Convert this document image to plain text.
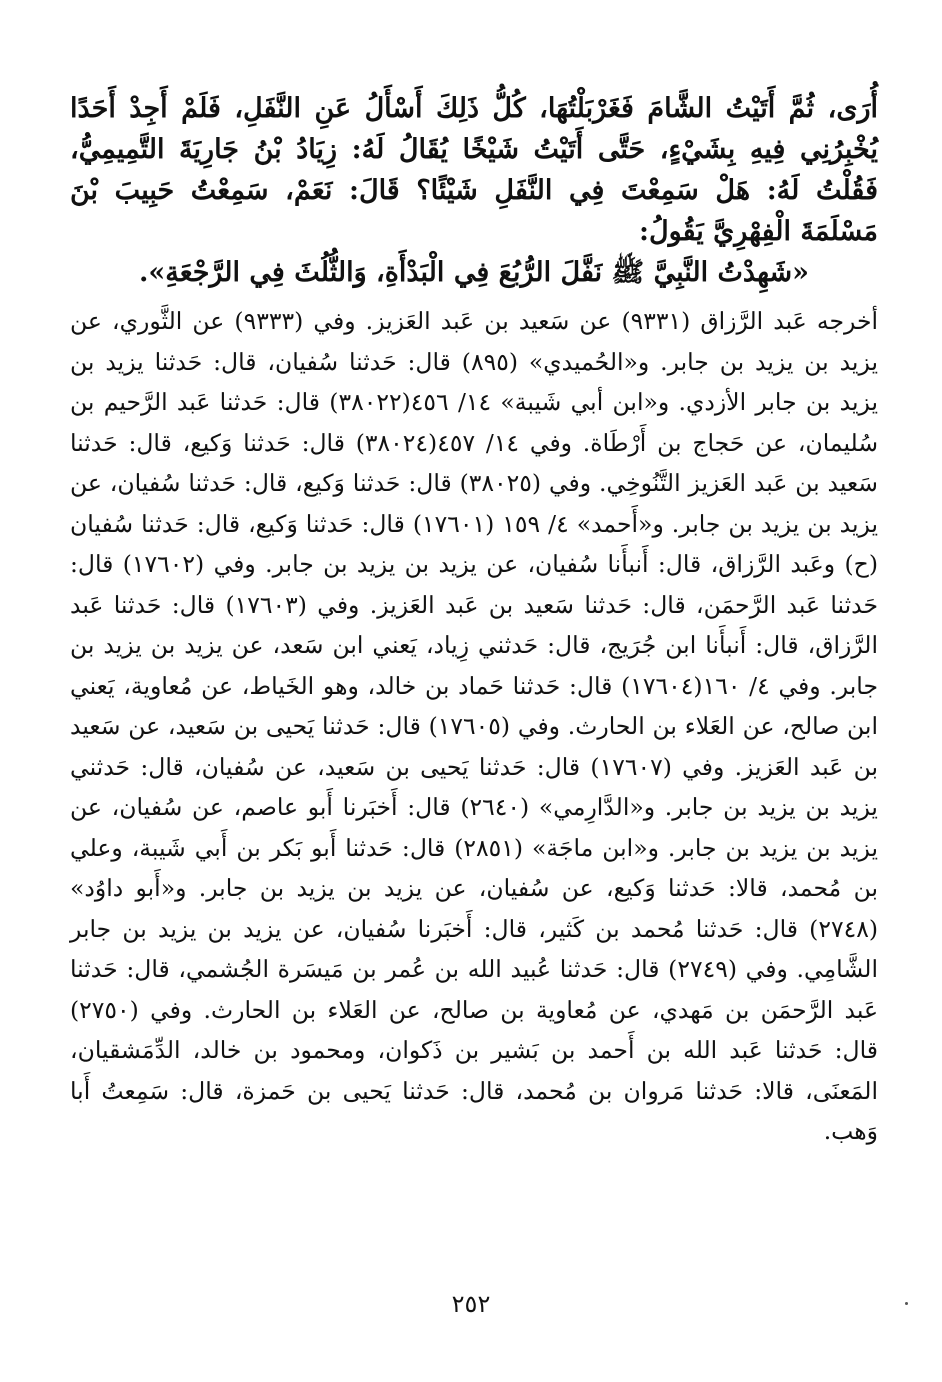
أُرَى، ثُمَّ أَتَيْتُ الشَّامَ فَغَرْبَلْتُهَا، كُلُّ ذَلِكَ أَسْأَلُ عَنِ النَّفَلِ، فَلَمْ أَجِدْ أَحَدًا يُخْبِرُنِي فِيهِ بِشَيْءٍ، حَتَّى أَتَيْتُ شَيْخًا يُقَالُ لَهُ: زِيَادُ بْنُ جَارِيَةَ التَّمِيمِيُّ، فَقُلْتُ لَهُ: هَلْ سَمِعْتَ فِي النَّفَلِ شَيْئًا؟ قَالَ: نَعَمْ، سَمِعْتُ حَبِيبَ بْنَ مَسْلَمَةَ الْفِهْرِيَّ يَقُولُ:

«شَهِدْتُ النَّبِيَّ ﷺ نَفَّلَ الرُّبُعَ فِي الْبَدْأَةِ، وَالثُّلُثَ فِي الرَّجْعَةِ».

أخرجه عَبد الرَّزاق (٩٣٣١) عن سَعيد بن عَبد العَزيز. وفي (٩٣٣٣) عن الثَّوري، عن يزيد بن يزيد بن جابر. و«الحُميدي» (٨٩٥) قال: حَدثنا سُفيان، قال: حَدثنا يزيد بن يزيد بن جابر الأزدي. و«ابن أبي شَيبة» ١٤/ ٤٥٦(٣٨٠٢٢) قال: حَدثنا عَبد الرَّحيم بن سُليمان، عن حَجاج بن أَرْطَاة. وفي ١٤/ ٤٥٧(٣٨٠٢٤) قال: حَدثنا وَكيع، قال: حَدثنا سَعيد بن عَبد العَزيز التَّنُوخِي. وفي (٣٨٠٢٥) قال: حَدثنا وَكيع، قال: حَدثنا سُفيان، عن يزيد بن يزيد بن جابر. و«أَحمد» ٤/ ١٥٩ (١٧٦٠١) قال: حَدثنا وَكيع، قال: حَدثنا سُفيان (ح) وعَبد الرَّزاق، قال: أَنبأَنا سُفيان، عن يزيد بن يزيد بن جابر. وفي (١٧٦٠٢) قال: حَدثنا عَبد الرَّحمَن، قال: حَدثنا سَعيد بن عَبد العَزيز. وفي (١٧٦٠٣) قال: حَدثنا عَبد الرَّزاق، قال: أَنبأَنا ابن جُرَيج، قال: حَدثني زِياد، يَعني ابن سَعد، عن يزيد بن يزيد بن جابر. وفي ٤/ ١٦٠(١٧٦٠٤) قال: حَدثنا حَماد بن خالد، وهو الخَياط، عن مُعاوية، يَعني ابن صالح، عن العَلاء بن الحارث. وفي (١٧٦٠٥) قال: حَدثنا يَحيى بن سَعيد، عن سَعيد بن عَبد العَزيز. وفي (١٧٦٠٧) قال: حَدثنا يَحيى بن سَعيد، عن سُفيان، قال: حَدثني يزيد بن يزيد بن جابر. و«الدَّارِمي» (٢٦٤٠) قال: أَخبَرنا أَبو عاصم، عن سُفيان، عن يزيد بن يزيد بن جابر. و«ابن ماجَة» (٢٨٥١) قال: حَدثنا أَبو بَكر بن أَبي شَيبة، وعلي بن مُحمد، قالا: حَدثنا وَكيع، عن سُفيان، عن يزيد بن يزيد بن جابر. و«أَبو داوُد» (٢٧٤٨) قال: حَدثنا مُحمد بن كَثير، قال: أَخبَرنا سُفيان، عن يزيد بن يزيد بن جابر الشَّامِي. وفي (٢٧٤٩) قال: حَدثنا عُبيد الله بن عُمر بن مَيسَرة الجُشمي، قال: حَدثنا عَبد الرَّحمَن بن مَهدي، عن مُعاوية بن صالح، عن العَلاء بن الحارث. وفي (٢٧٥٠) قال: حَدثنا عَبد الله بن أَحمد بن بَشير بن ذَكوان، ومحمود بن خالد، الدِّمَشقيان، المَعنَى، قالا: حَدثنا مَروان بن مُحمد، قال: حَدثنا يَحيى بن حَمزة، قال: سَمِعتُ أَبا وَهب.

٢٥٢
